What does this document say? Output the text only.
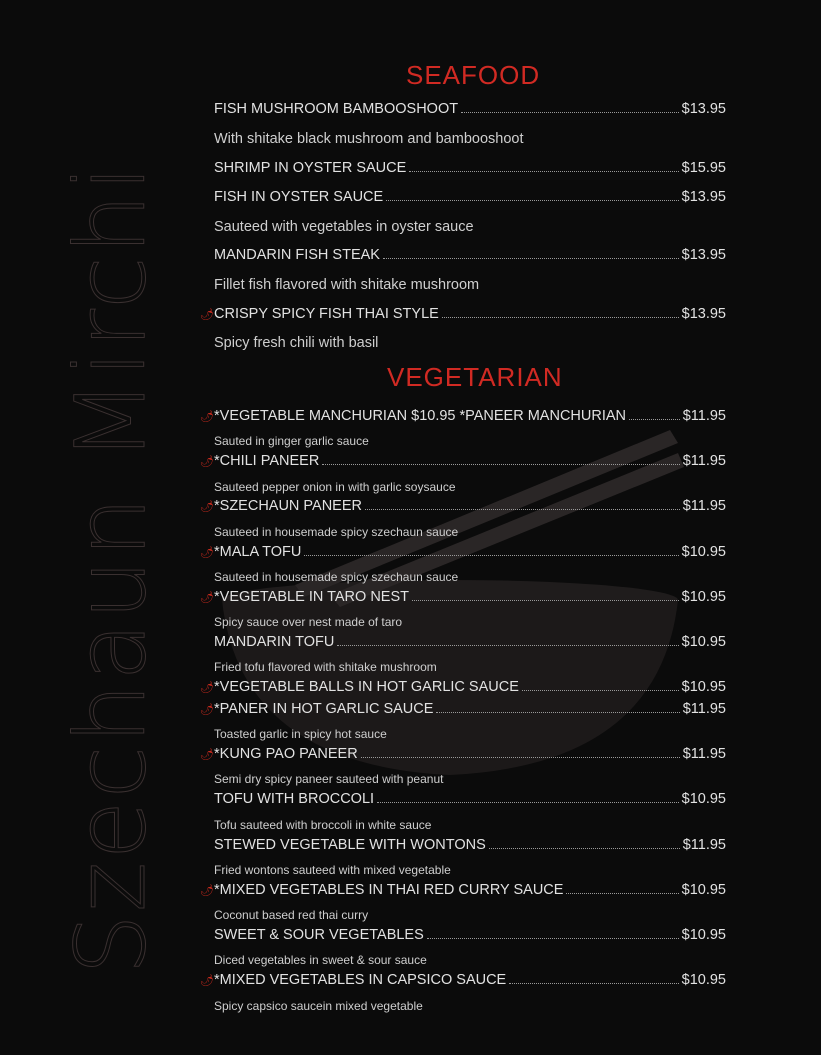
Szechaun Mirchi
SEAFOOD
FISH MUSHROOM BAMBOOSHOOT	$13.95
With shitake black mushroom and bambooshoot
SHRIMP IN OYSTER SAUCE	$15.95
FISH IN OYSTER SAUCE	$13.95
Sauteed with vegetables in oyster sauce
MANDARIN FISH STEAK	$13.95
Fillet fish flavored with shitake mushroom
🌶 CRISPY SPICY FISH THAI STYLE	$13.95
Spicy fresh chili with basil
VEGETARIAN
🌶 *VEGETABLE MANCHURIAN $10.95 *PANEER MANCHURIAN	$11.95
Sauted in ginger garlic sauce
🌶 *CHILI PANEER	$11.95
Sauteed pepper onion in with garlic soysauce
🌶 *SZECHAUN PANEER	$11.95
Sauteed in housemade spicy szechaun sauce
🌶 *MALA TOFU	$10.95
Sauteed in housemade spicy szechaun sauce
🌶 *VEGETABLE IN TARO NEST	$10.95
Spicy sauce over nest made of taro
MANDARIN TOFU	$10.95
Fried tofu flavored with shitake mushroom
🌶 *VEGETABLE BALLS IN HOT GARLIC SAUCE	$10.95
🌶 *PANER IN HOT GARLIC SAUCE	$11.95
Toasted garlic in spicy hot sauce
🌶 *KUNG PAO PANEER	$11.95
Semi dry spicy paneer sauteed with peanut
TOFU WITH BROCCOLI	$10.95
Tofu sauteed with broccoli in white sauce
STEWED VEGETABLE WITH WONTONS	$11.95
Fried wontons sauteed with mixed vegetable
🌶 *MIXED VEGETABLES IN THAI RED CURRY SAUCE	$10.95
Coconut based red thai curry
SWEET & SOUR VEGETABLES	$10.95
Diced vegetables in sweet & sour sauce
🌶 *MIXED VEGETABLES IN CAPSICO SAUCE	$10.95
Spicy capsico saucein mixed vegetable
